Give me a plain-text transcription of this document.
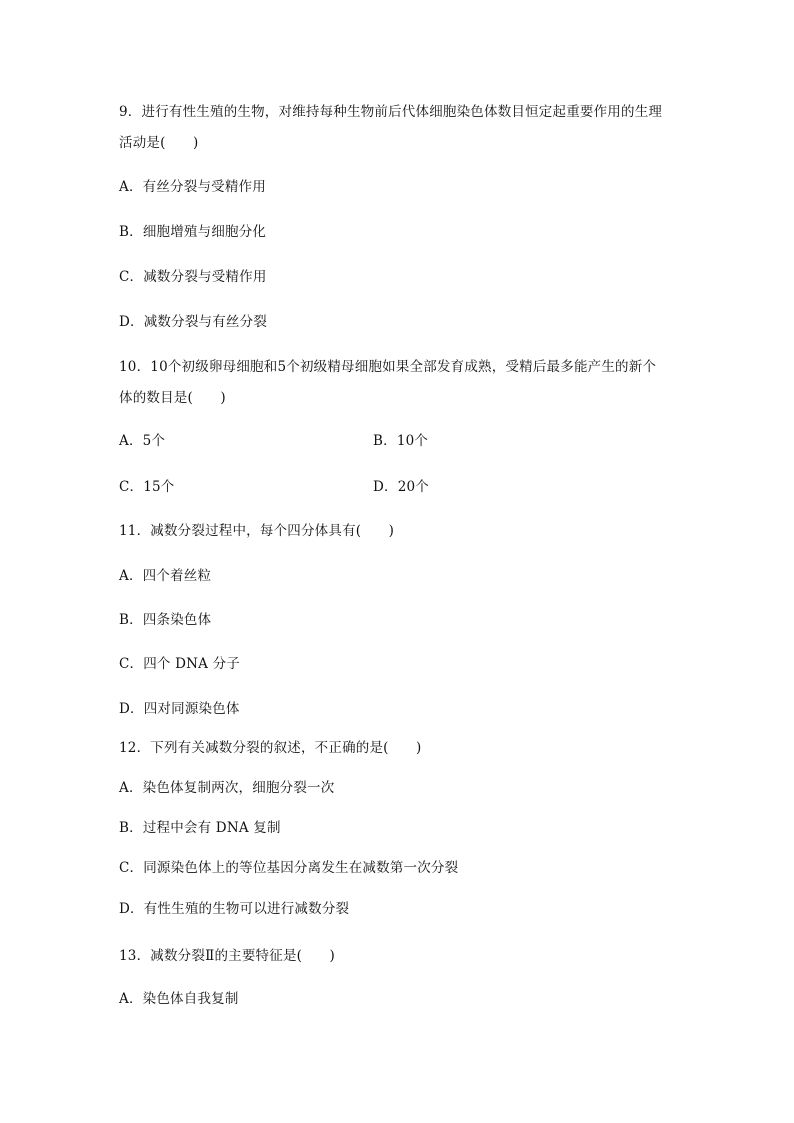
9．进行有性生殖的生物，对维持每种生物前后代体细胞染色体数目恒定起重要作用的生理
活动是(　　)
A．有丝分裂与受精作用
B．细胞增殖与细胞分化
C．减数分裂与受精作用
D．减数分裂与有丝分裂
10．10个初级卵母细胞和5个初级精母细胞如果全部发育成熟，受精后最多能产生的新个
体的数目是(　　)
A．5个	B．10个
C．15个	D．20个
11．减数分裂过程中，每个四分体具有(　　)
A．四个着丝粒
B．四条染色体
C．四个 DNA 分子
D．四对同源染色体
12．下列有关减数分裂的叙述，不正确的是(　　)
A．染色体复制两次，细胞分裂一次
B．过程中会有 DNA 复制
C．同源染色体上的等位基因分离发生在减数第一次分裂
D．有性生殖的生物可以进行减数分裂
13．减数分裂Ⅱ的主要特征是(　　)
A．染色体自我复制
